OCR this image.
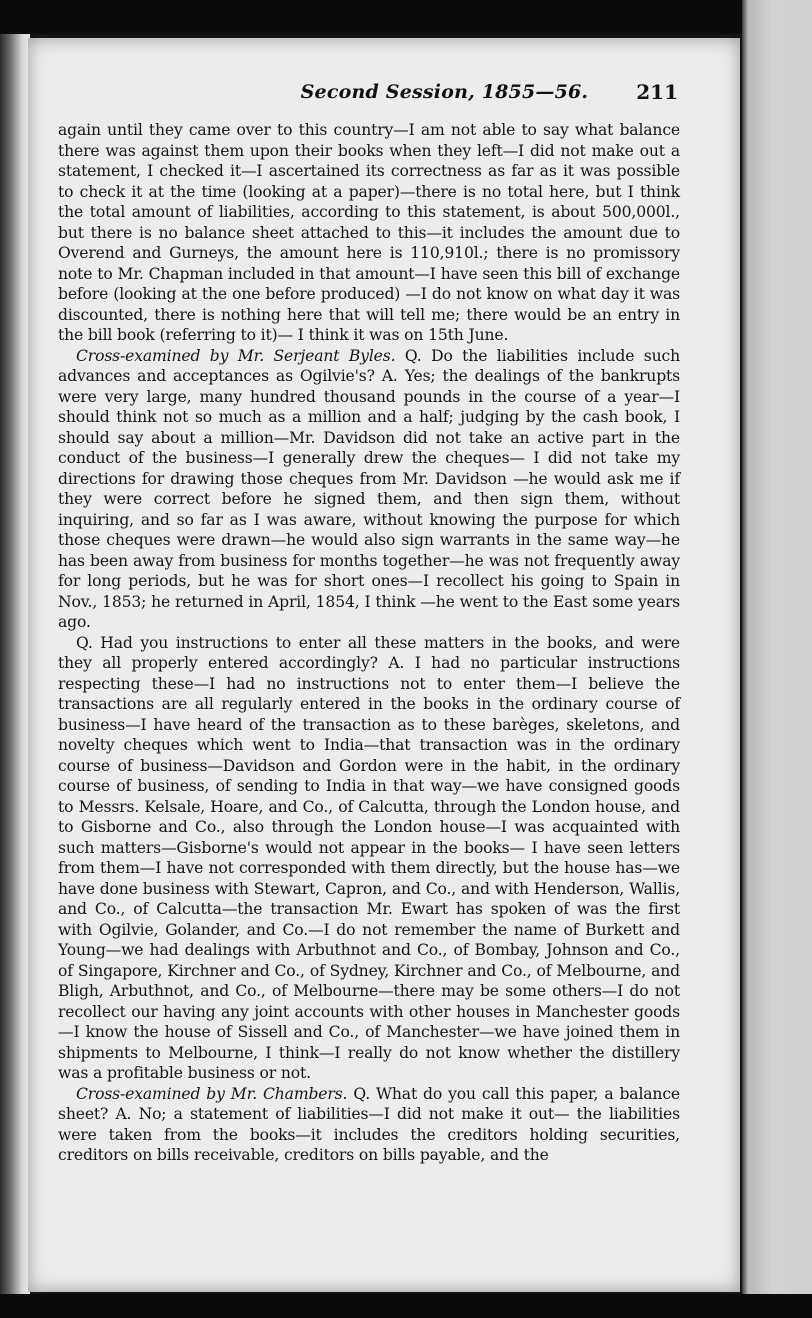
Second Session, 1855—56. 211

again until they came over to this country—I am not able to say what balance there was against them upon their books when they left—I did not make out a statement, I checked it—I ascertained its correctness as far as it was possible to check it at the time (looking at a paper)—there is no total here, but I think the total amount of liabilities, according to this statement, is about 500,000l., but there is no balance sheet attached to this—it includes the amount due to Overend and Gurneys, the amount here is 110,910l.; there is no promissory note to Mr. Chapman included in that amount—I have seen this bill of exchange before (looking at the one before produced) —I do not know on what day it was discounted, there is nothing here that will tell me; there would be an entry in the bill book (referring to it)— I think it was on 15th June.

Cross-examined by Mr. Serjeant Byles. Q. Do the liabilities include such advances and acceptances as Ogilvie's? A. Yes; the dealings of the bankrupts were very large, many hundred thousand pounds in the course of a year—I should think not so much as a million and a half; judging by the cash book, I should say about a million—Mr. Davidson did not take an active part in the conduct of the business—I generally drew the cheques— I did not take my directions for drawing those cheques from Mr. Davidson —he would ask me if they were correct before he signed them, and then sign them, without inquiring, and so far as I was aware, without knowing the purpose for which those cheques were drawn—he would also sign warrants in the same way—he has been away from business for months together—he was not frequently away for long periods, but he was for short ones—I recollect his going to Spain in Nov., 1853; he returned in April, 1854, I think —he went to the East some years ago.

Q. Had you instructions to enter all these matters in the books, and were they all properly entered accordingly? A. I had no particular instructions respecting these—I had no instructions not to enter them—I believe the transactions are all regularly entered in the books in the ordinary course of business—I have heard of the transaction as to these barèges, skeletons, and novelty cheques which went to India—that transaction was in the ordinary course of business—Davidson and Gordon were in the habit, in the ordinary course of business, of sending to India in that way—we have consigned goods to Messrs. Kelsale, Hoare, and Co., of Calcutta, through the London house, and to Gisborne and Co., also through the London house—I was acquainted with such matters—Gisborne's would not appear in the books— I have seen letters from them—I have not corresponded with them directly, but the house has—we have done business with Stewart, Capron, and Co., and with Henderson, Wallis, and Co., of Calcutta—the transaction Mr. Ewart has spoken of was the first with Ogilvie, Golander, and Co.—I do not remember the name of Burkett and Young—we had dealings with Arbuthnot and Co., of Bombay, Johnson and Co., of Singapore, Kirchner and Co., of Sydney, Kirchner and Co., of Melbourne, and Bligh, Arbuthnot, and Co., of Melbourne—there may be some others—I do not recollect our having any joint accounts with other houses in Manchester goods—I know the house of Sissell and Co., of Manchester—we have joined them in shipments to Melbourne, I think—I really do not know whether the distillery was a profitable business or not.

Cross-examined by Mr. Chambers. Q. What do you call this paper, a balance sheet? A. No; a statement of liabilities—I did not make it out— the liabilities were taken from the books—it includes the creditors holding securities, creditors on bills receivable, creditors on bills payable, and the
